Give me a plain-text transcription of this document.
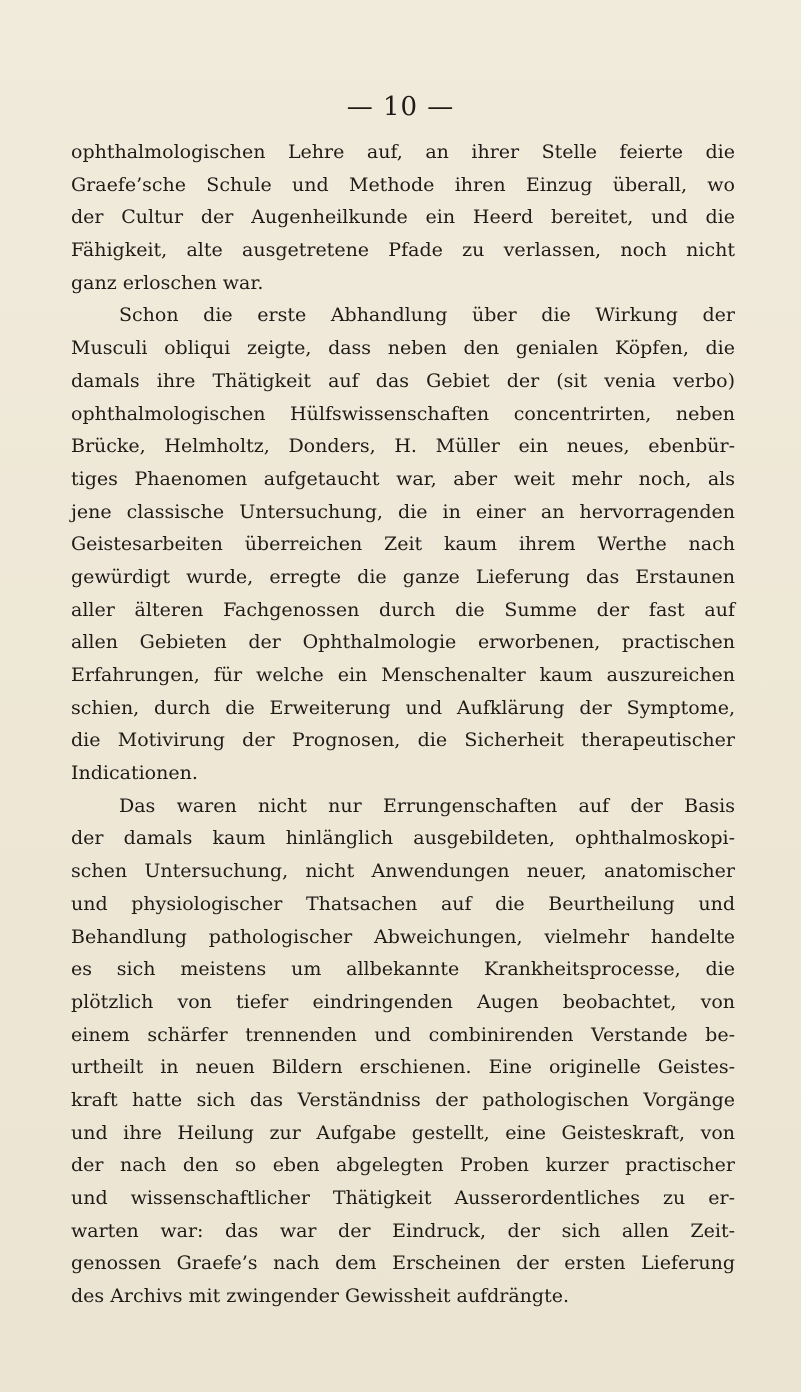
— 10 —
ophthalmologischen Lehre auf, an ihrer Stelle feierte die
Graefe’sche Schule und Methode ihren Einzug überall, wo
der Cultur der Augenheilkunde ein Heerd bereitet, und die
Fähigkeit, alte ausgetretene Pfade zu verlassen, noch nicht
ganz erloschen war.
Schon die erste Abhandlung über die Wirkung der
Musculi obliqui zeigte, dass neben den genialen Köpfen, die
damals ihre Thätigkeit auf das Gebiet der (sit venia verbo)
ophthalmologischen Hülfswissenschaften concentrirten, neben
Brücke, Helmholtz, Donders, H. Müller ein neues, ebenbür-
tiges Phaenomen aufgetaucht war, aber weit mehr noch, als
jene classische Untersuchung, die in einer an hervorragenden
Geistesarbeiten überreichen Zeit kaum ihrem Werthe nach
gewürdigt wurde, erregte die ganze Lieferung das Erstaunen
aller älteren Fachgenossen durch die Summe der fast auf
allen Gebieten der Ophthalmologie erworbenen, practischen
Erfahrungen, für welche ein Menschenalter kaum auszureichen
schien, durch die Erweiterung und Aufklärung der Symptome,
die Motivirung der Prognosen, die Sicherheit therapeutischer
Indicationen.
Das waren nicht nur Errungenschaften auf der Basis
der damals kaum hinlänglich ausgebildeten, ophthalmoskopi-
schen Untersuchung, nicht Anwendungen neuer, anatomischer
und physiologischer Thatsachen auf die Beurtheilung und
Behandlung pathologischer Abweichungen, vielmehr handelte
es sich meistens um allbekannte Krankheitsprocesse, die
plötzlich von tiefer eindringenden Augen beobachtet, von
einem schärfer trennenden und combinirenden Verstande be-
urtheilt in neuen Bildern erschienen. Eine originelle Geistes-
kraft hatte sich das Verständniss der pathologischen Vorgänge
und ihre Heilung zur Aufgabe gestellt, eine Geisteskraft, von
der nach den so eben abgelegten Proben kurzer practischer
und wissenschaftlicher Thätigkeit Ausserordentliches zu er-
warten war: das war der Eindruck, der sich allen Zeit-
genossen Graefe’s nach dem Erscheinen der ersten Lieferung
des Archivs mit zwingender Gewissheit aufdrängte.
